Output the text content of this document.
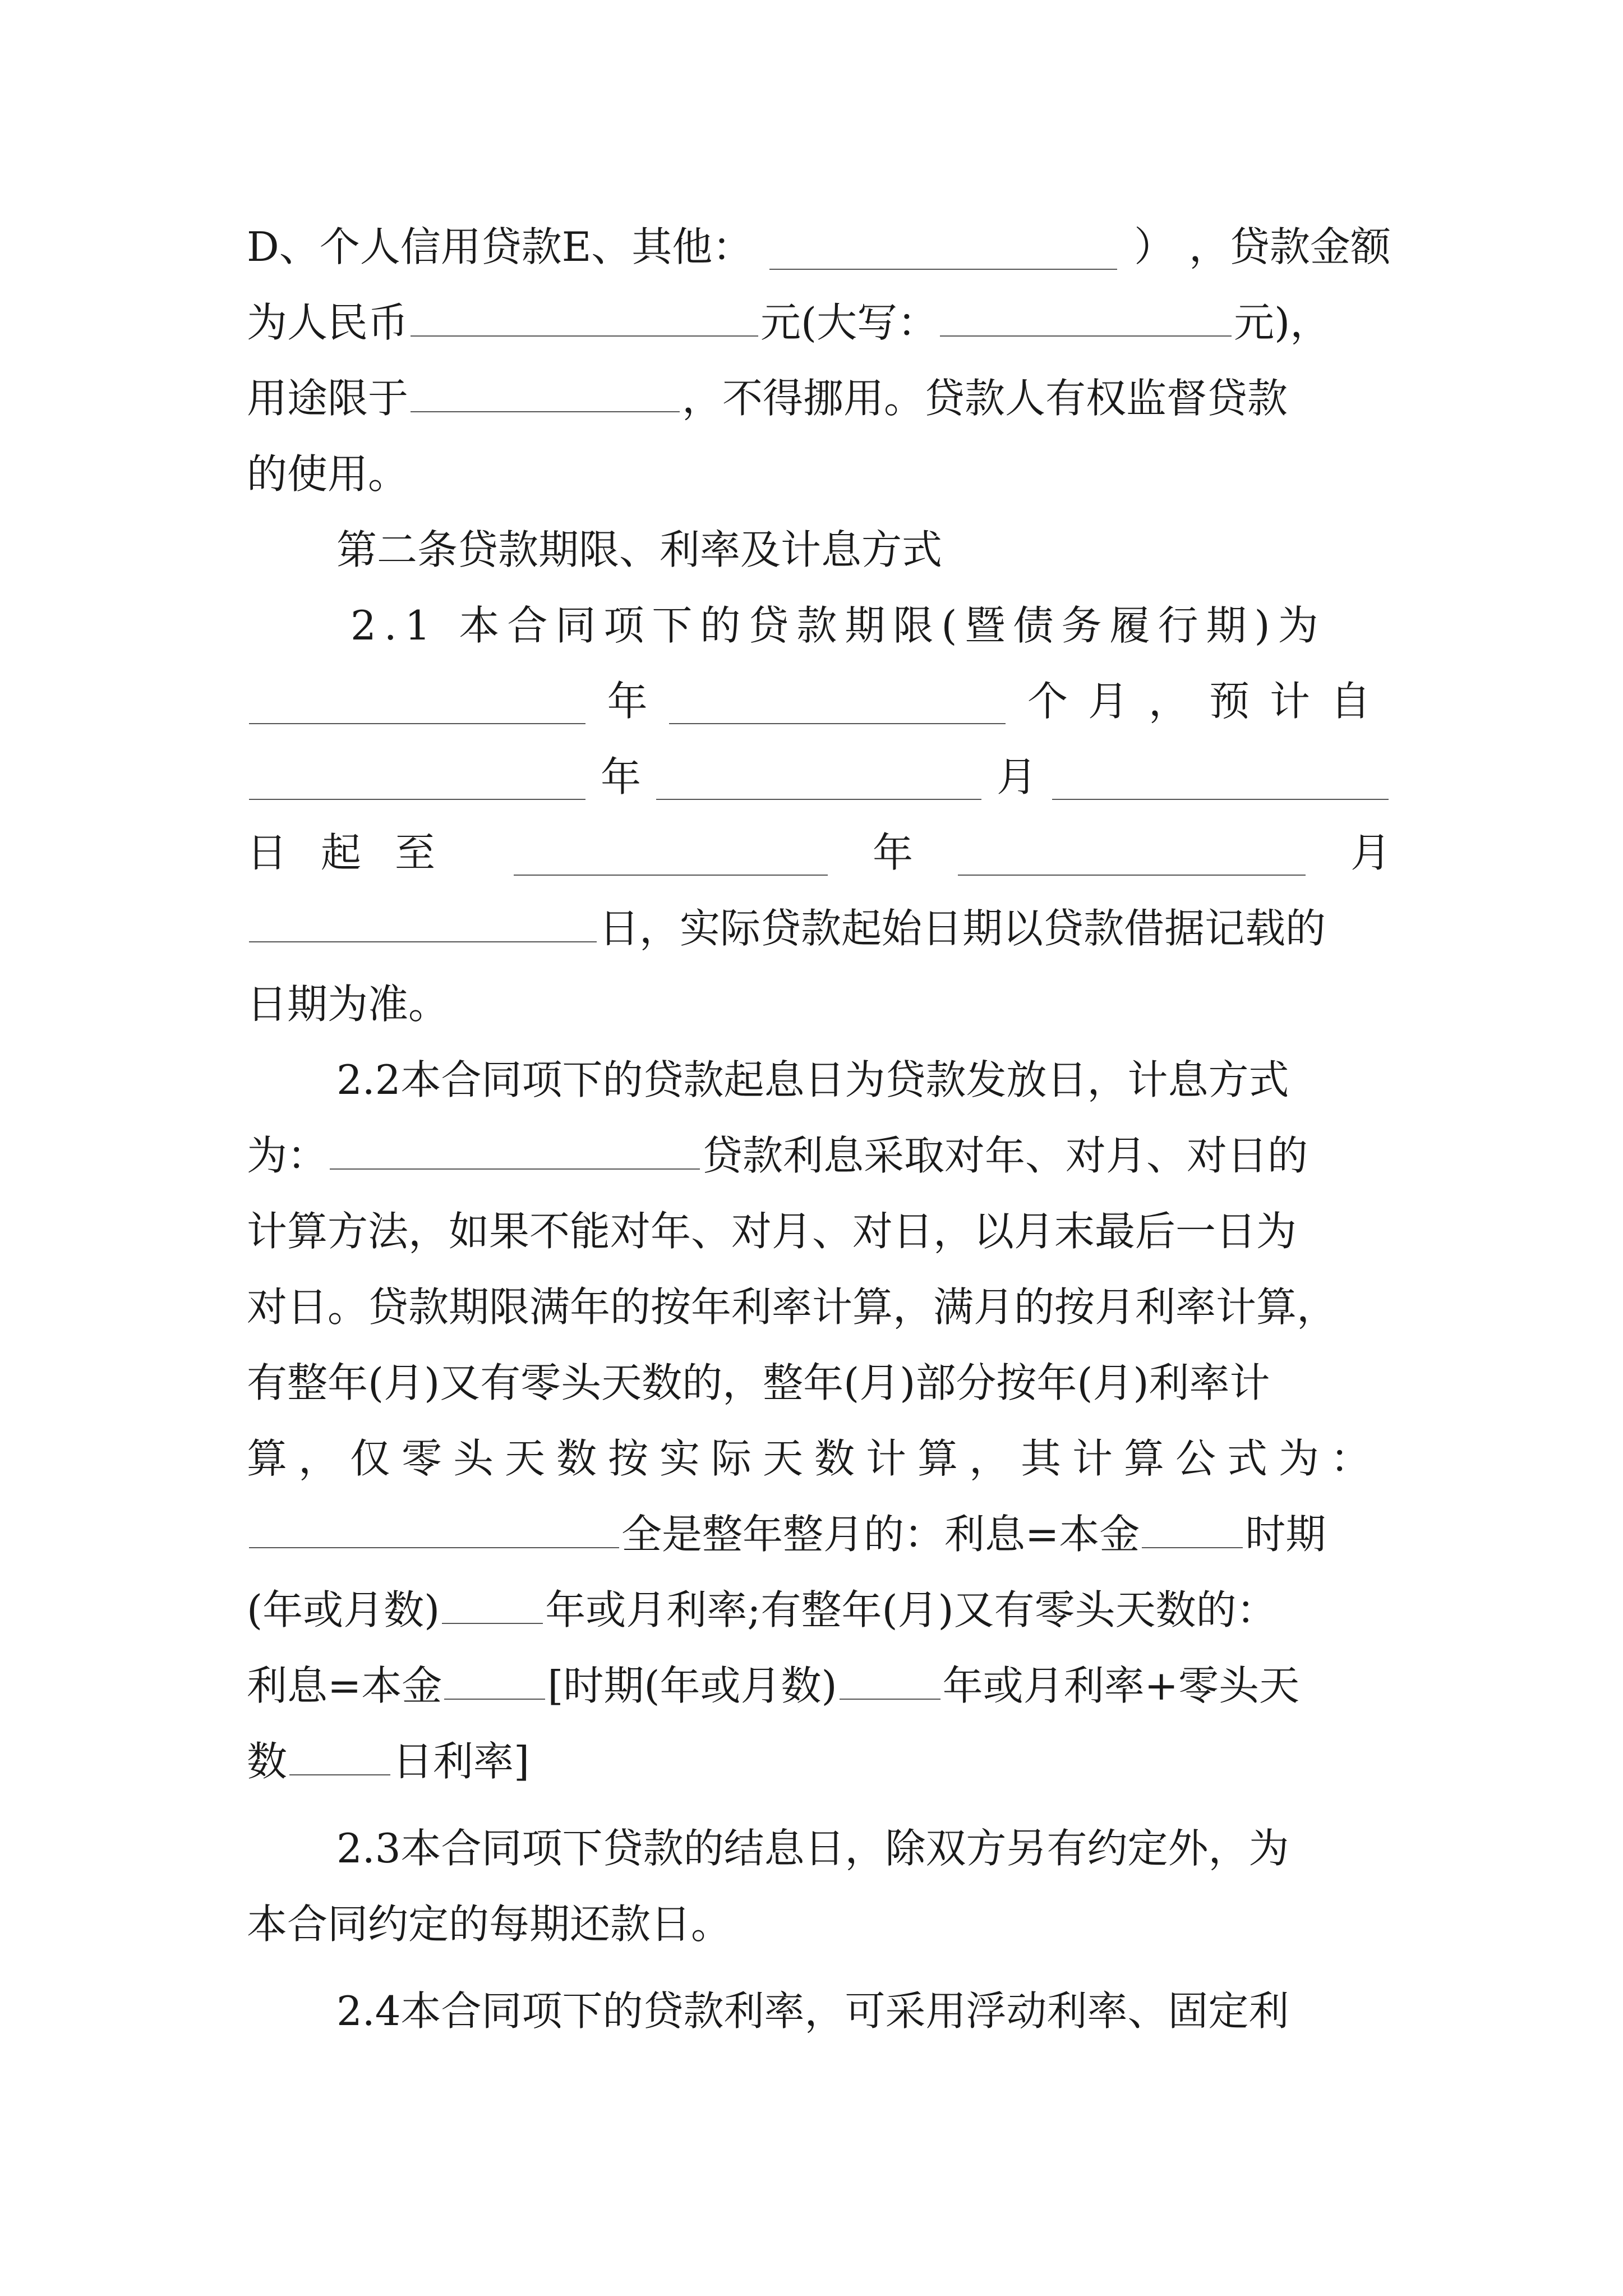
D、个人信用贷款E、其他：	） ，贷款金额
为人民币	元(大写：	元)，
用途限于	，不得挪用。贷款人有权监督贷款
的使用。
第二条贷款期限、利率及计息方式
2.1 本合同项下的贷款期限(暨债务履行期)为
年	个月，预计自
年	月
日起至	年	月
日，实际贷款起始日期以贷款借据记载的
日期为准。
2.2本合同项下的贷款起息日为贷款发放日，计息方式
为：	贷款利息采取对年、对月、对日的
计算方法，如果不能对年、对月、对日，以月末最后一日为
对日。贷款期限满年的按年利率计算，满月的按月利率计算，
有整年(月)又有零头天数的，整年(月)部分按年(月)利率计
算，仅零头天数按实际天数计算，其计算公式为：
全是整年整月的：利息=本金	时期
(年或月数)	年或月利率;有整年(月)又有零头天数的：
利息=本金	[时期(年或月数)	年或月利率+零头天
数	日利率]
2.3本合同项下贷款的结息日，除双方另有约定外，为
本合同约定的每期还款日。
2.4本合同项下的贷款利率，可采用浮动利率、固定利
